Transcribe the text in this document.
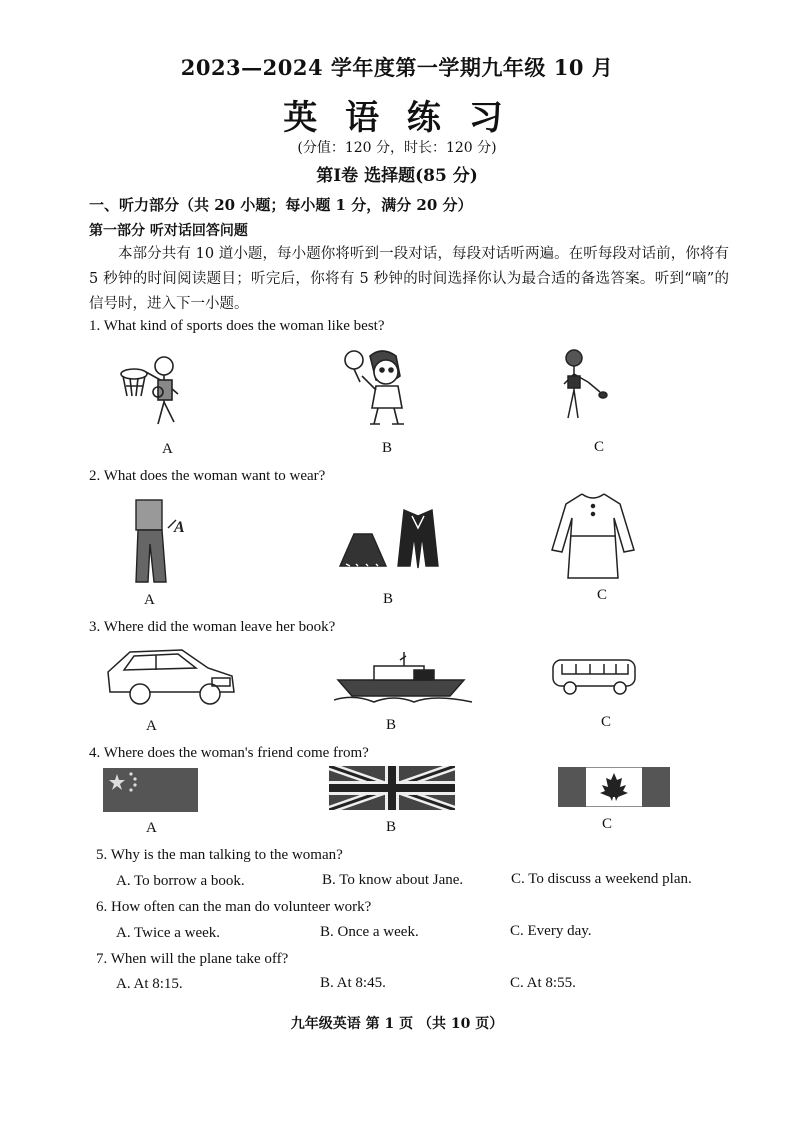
2023—2024 学年度第一学期九年级 10 月
英 语 练 习
(分值：120 分，时长：120 分)
第Ⅰ卷 选择题(85 分)
一、听力部分（共 20 小题；每小题 1 分，满分 20 分）
第一部分 听对话回答问题
本部分共有 10 道小题，每小题你将听到一段对话，每段对话听两遍。在听每段对话前，你将有 5 秒钟的时间阅读题目；听完后，你将有 5 秒钟的时间选择你认为最合适的备选答案。听到“嘀”的信号时，进入下一小题。
1. What kind of sports does the woman like best?
A	B	C
2. What does the woman want to wear?
A
A	B	C
3. Where did the woman leave her book?
A	B	C
4. Where does the woman's friend come from?
A	B	C
5. Why is the man talking to the woman?
A. To borrow a book.	B. To know about Jane.	C. To discuss a weekend plan.
6. How often can the man do volunteer work?
A. Twice a week.	B. Once a week.	C. Every day.
7. When will the plane take off?
A. At 8:15.	B. At 8:45.	C. At 8:55.
九年级英语 第 1 页 （共 10 页）
